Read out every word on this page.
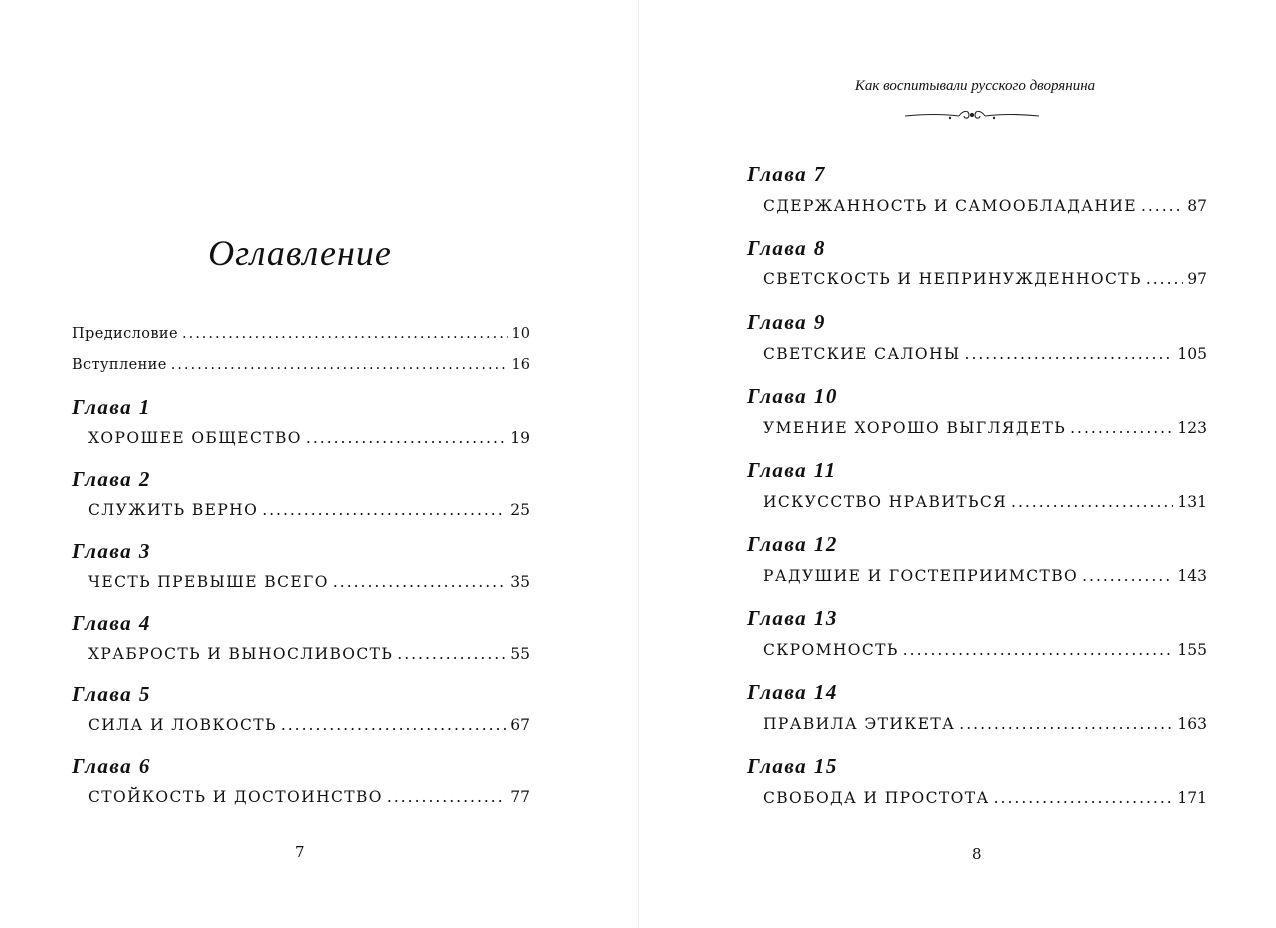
Оглавление
Предисловие .....	10
Вступление .....	16
Глава 1
ХОРОШЕЕ ОБЩЕСТВО .....	19
Глава 2
СЛУЖИТЬ ВЕРНО .....	25
Глава 3
ЧЕСТЬ ПРЕВЫШЕ ВСЕГО .....	35
Глава 4
ХРАБРОСТЬ И ВЫНОСЛИВОСТЬ .....	55
Глава 5
СИЛА И ЛОВКОСТЬ .....	67
Глава 6
СТОЙКОСТЬ И ДОСТОИНСТВО .....	77
7
Как воспитывали русского дворянина
Глава 7
СДЕРЖАННОСТЬ И САМООБЛАДАНИЕ .....	87
Глава 8
СВЕТСКОСТЬ И НЕПРИНУЖДЕННОСТЬ .....	97
Глава 9
СВЕТСКИЕ САЛОНЫ .....	105
Глава 10
УМЕНИЕ ХОРОШО ВЫГЛЯДЕТЬ .....	123
Глава 11
ИСКУССТВО НРАВИТЬСЯ .....	131
Глава 12
РАДУШИЕ И ГОСТЕПРИИМСТВО .....	143
Глава 13
СКРОМНОСТЬ .....	155
Глава 14
ПРАВИЛА ЭТИКЕТА .....	163
Глава 15
СВОБОДА И ПРОСТОТА .....	171
8
